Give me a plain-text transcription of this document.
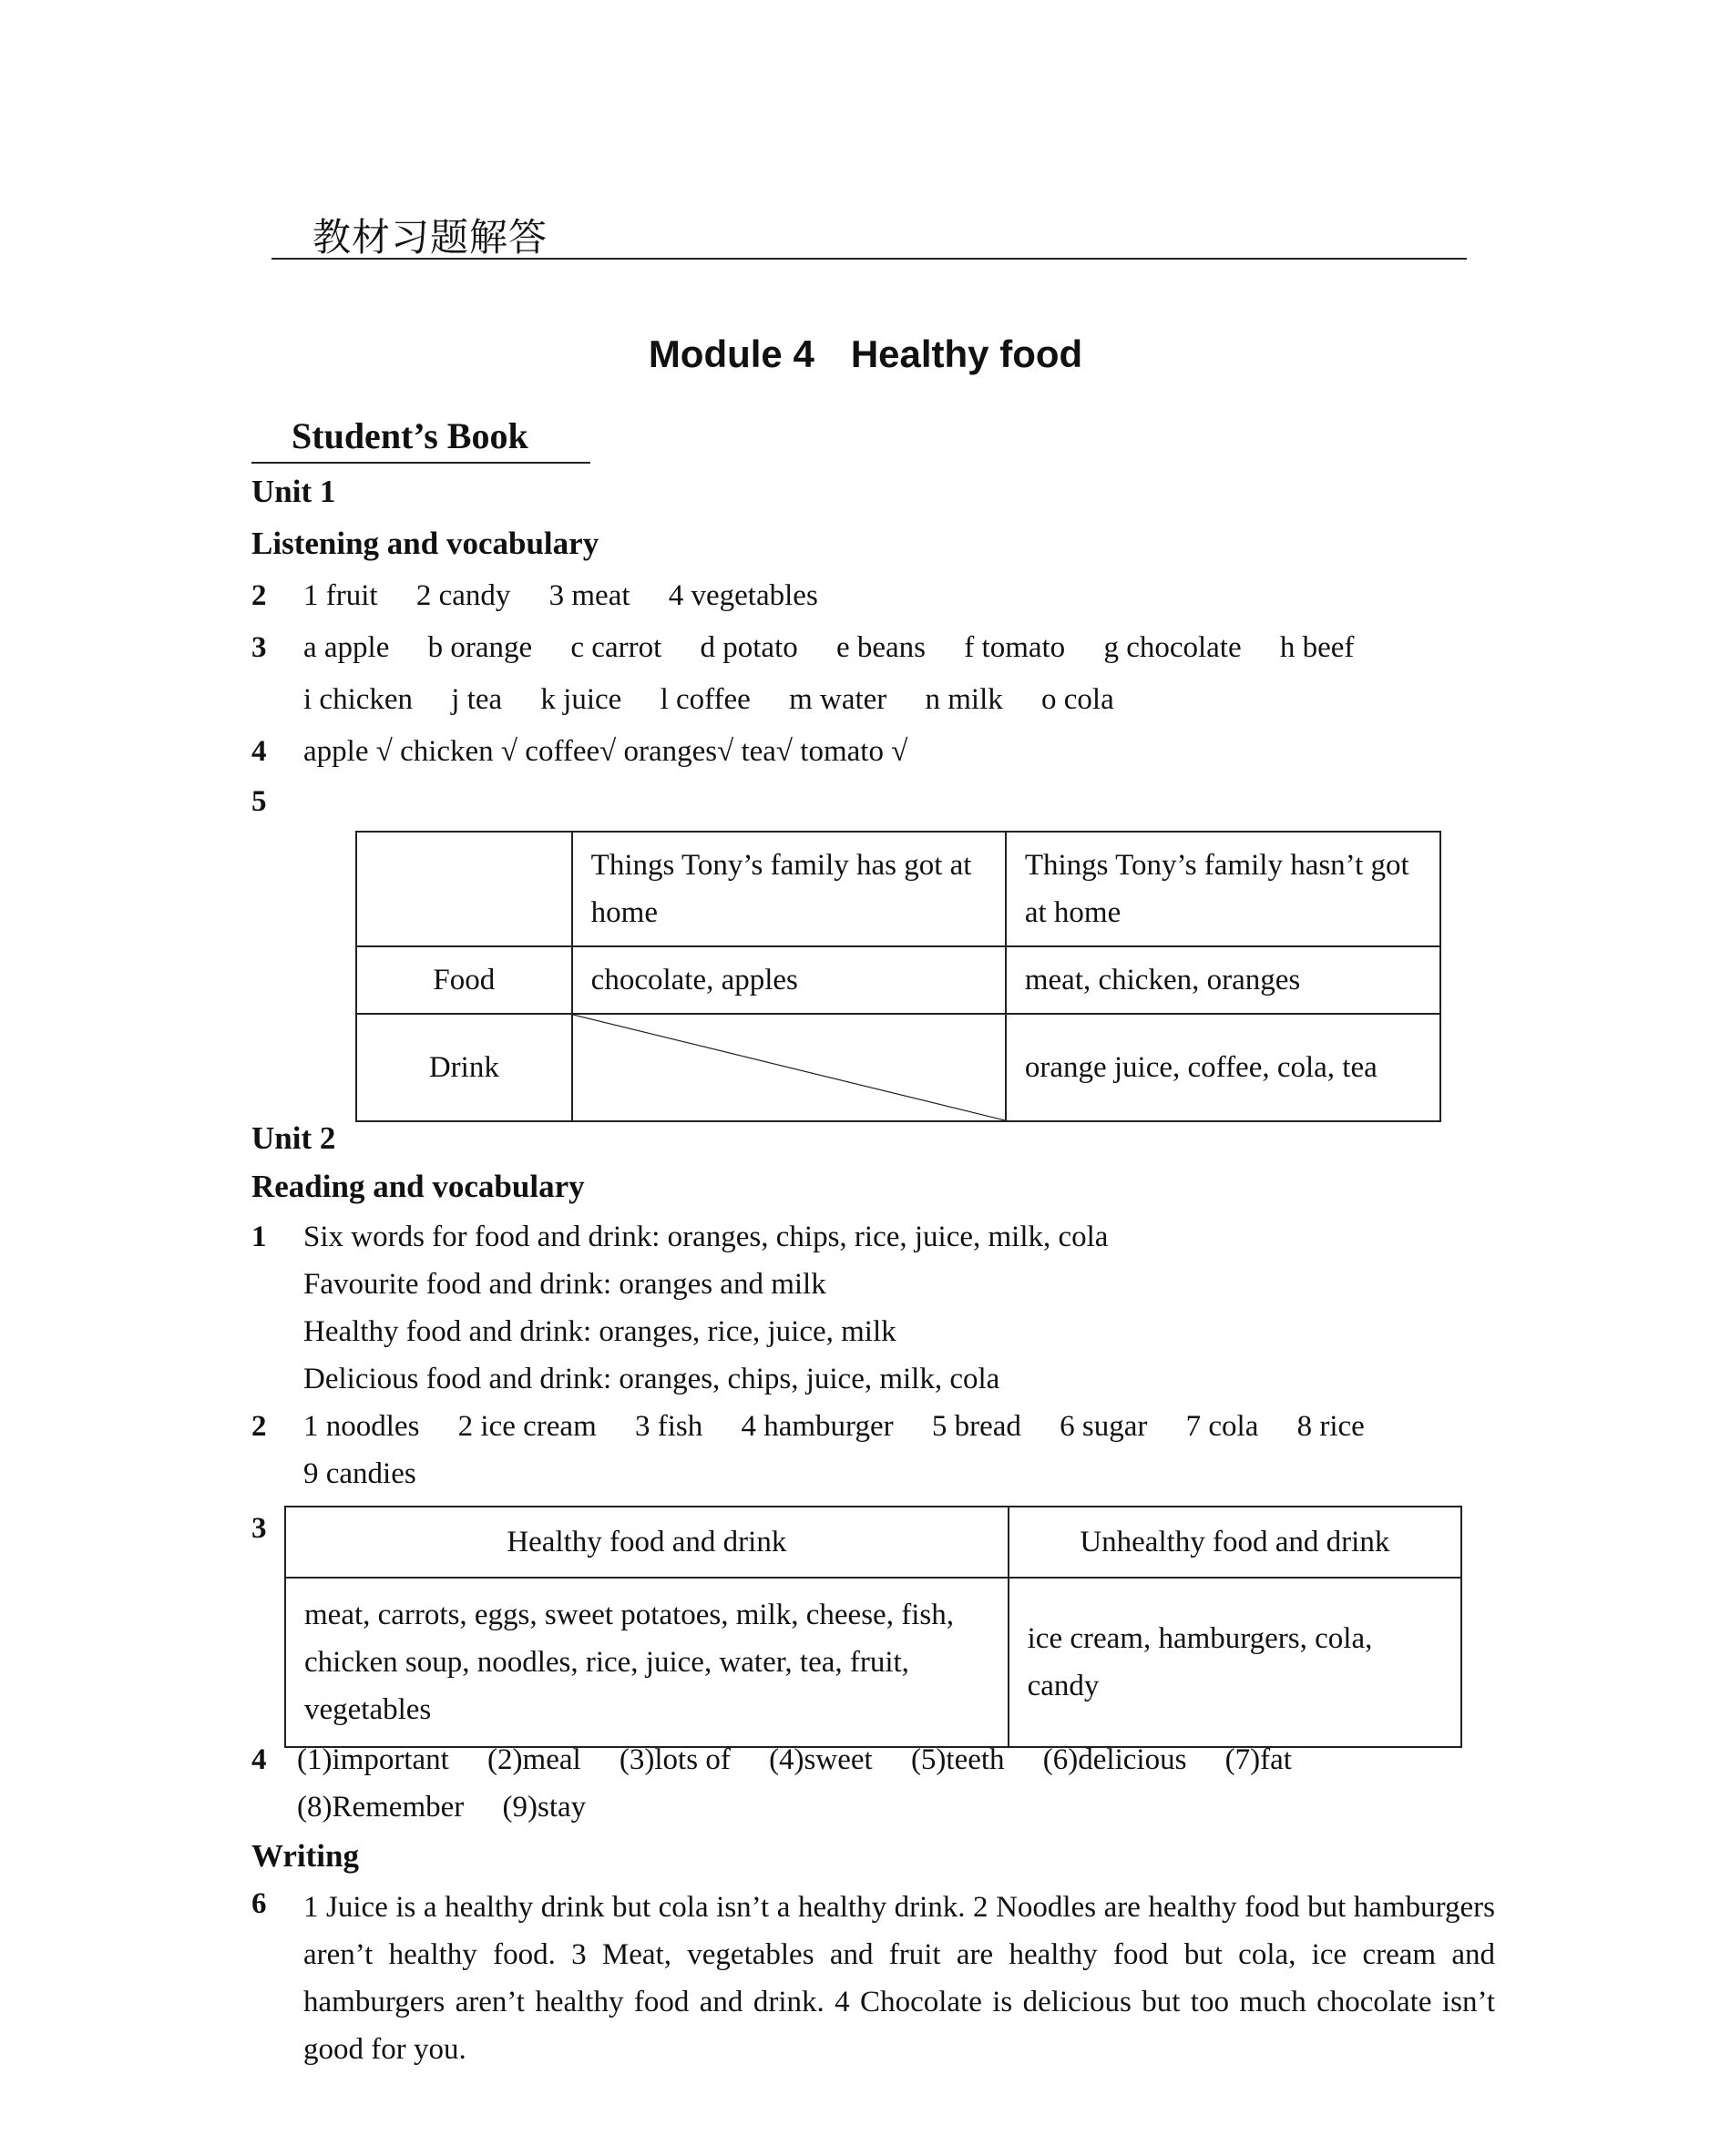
教材习题解答
Module 4 Healthy food
Student’s Book
Unit 1
Listening and vocabulary
2 1 fruit 2 candy 3 meat 4 vegetables
3 a apple b orange c carrot d potato e beans f tomato g chocolate h beef
i chicken j tea k juice l coffee m water n milk o cola
4 apple √ chicken √ coffee√ oranges√ tea√ tomato √
5
	Things Tony’s family has got at home	Things Tony’s family hasn’t got at home
Food	chocolate, apples	meat, chicken, oranges
Drink		orange juice, coffee, cola, tea
Unit 2
Reading and vocabulary
1 Six words for food and drink: oranges, chips, rice, juice, milk, cola
Favourite food and drink: oranges and milk
Healthy food and drink: oranges, rice, juice, milk
Delicious food and drink: oranges, chips, juice, milk, cola
2 1 noodles 2 ice cream 3 fish 4 hamburger 5 bread 6 sugar 7 cola 8 rice
9 candies
3	Healthy food and drink	Unhealthy food and drink
meat, carrots, eggs, sweet potatoes, milk, cheese, fish, chicken soup, noodles, rice, juice, water, tea, fruit, vegetables	ice cream, hamburgers, cola, candy
4 (1)important (2)meal (3)lots of (4)sweet (5)teeth (6)delicious (7)fat
(8)Remember (9)stay
Writing
6 1 Juice is a healthy drink but cola isn’t a healthy drink. 2 Noodles are healthy food but hamburgers aren’t healthy food. 3 Meat, vegetables and fruit are healthy food but cola, ice cream and hamburgers aren’t healthy food and drink. 4 Chocolate is delicious but too much chocolate isn’t good for you.
